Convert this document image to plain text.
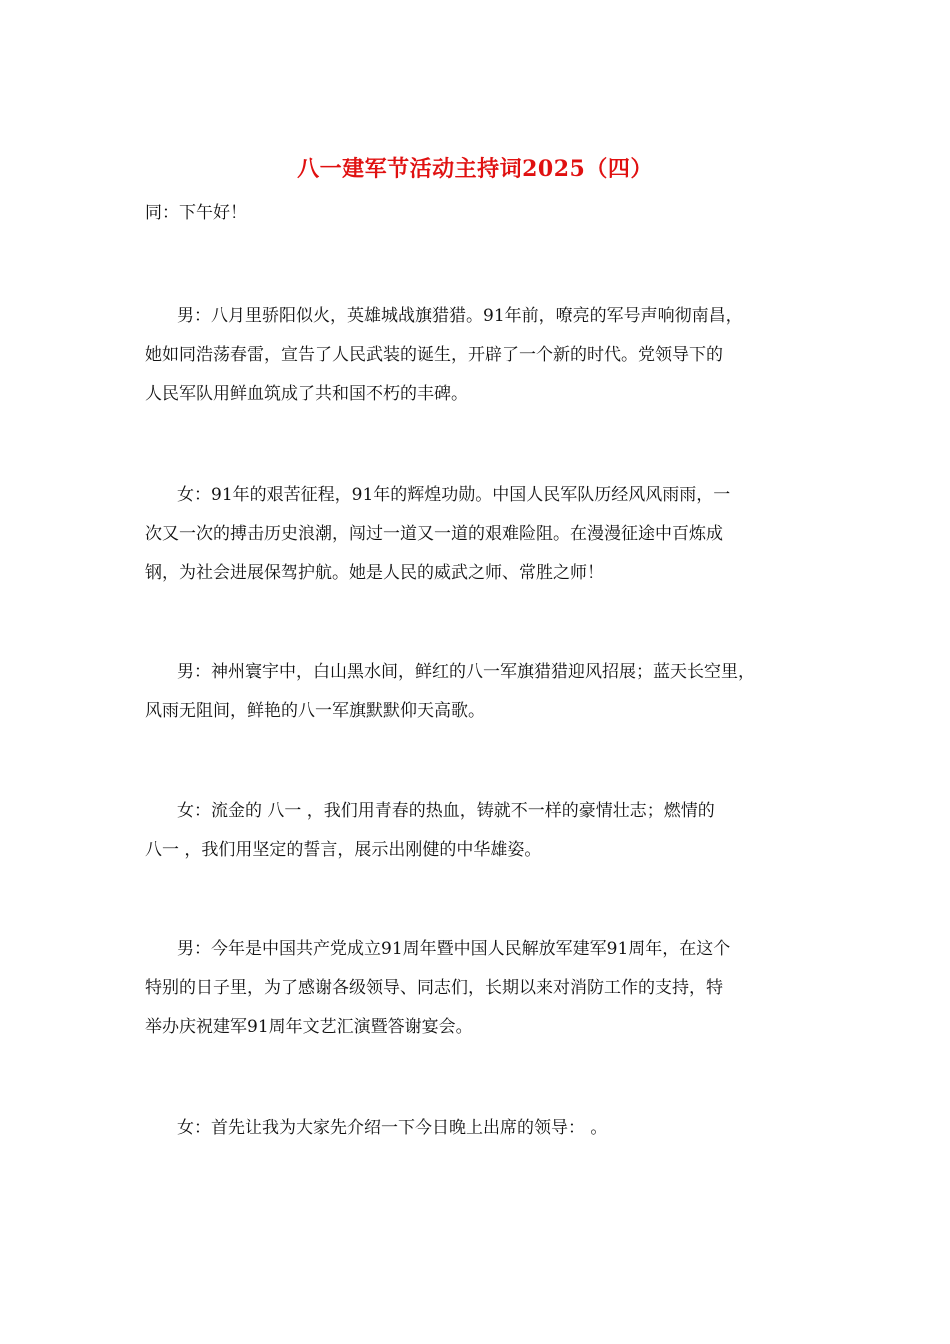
八一建军节活动主持词2025（四）
同：下午好！
男：八月里骄阳似火，英雄城战旗猎猎。91年前，嘹亮的军号声响彻南昌，
她如同浩荡春雷，宣告了人民武装的诞生，开辟了一个新的时代。党领导下的
人民军队用鲜血筑成了共和国不朽的丰碑。
女：91年的艰苦征程，91年的辉煌功勋。中国人民军队历经风风雨雨，一
次又一次的搏击历史浪潮，闯过一道又一道的艰难险阻。在漫漫征途中百炼成
钢，为社会进展保驾护航。她是人民的威武之师、常胜之师！
男：神州寰宇中，白山黑水间，鲜红的八一军旗猎猎迎风招展；蓝天长空里，
风雨无阻间，鲜艳的八一军旗默默仰天高歌。
女：流金的 八一 ，我们用青春的热血，铸就不一样的豪情壮志；燃情的
八一 ，我们用坚定的誓言，展示出刚健的中华雄姿。
男：今年是中国共产党成立91周年暨中国人民解放军建军91周年，在这个
特别的日子里，为了感谢各级领导、同志们，长期以来对消防工作的支持，特
举办庆祝建军91周年文艺汇演暨答谢宴会。
女：首先让我为大家先介绍一下今日晚上出席的领导： 。
